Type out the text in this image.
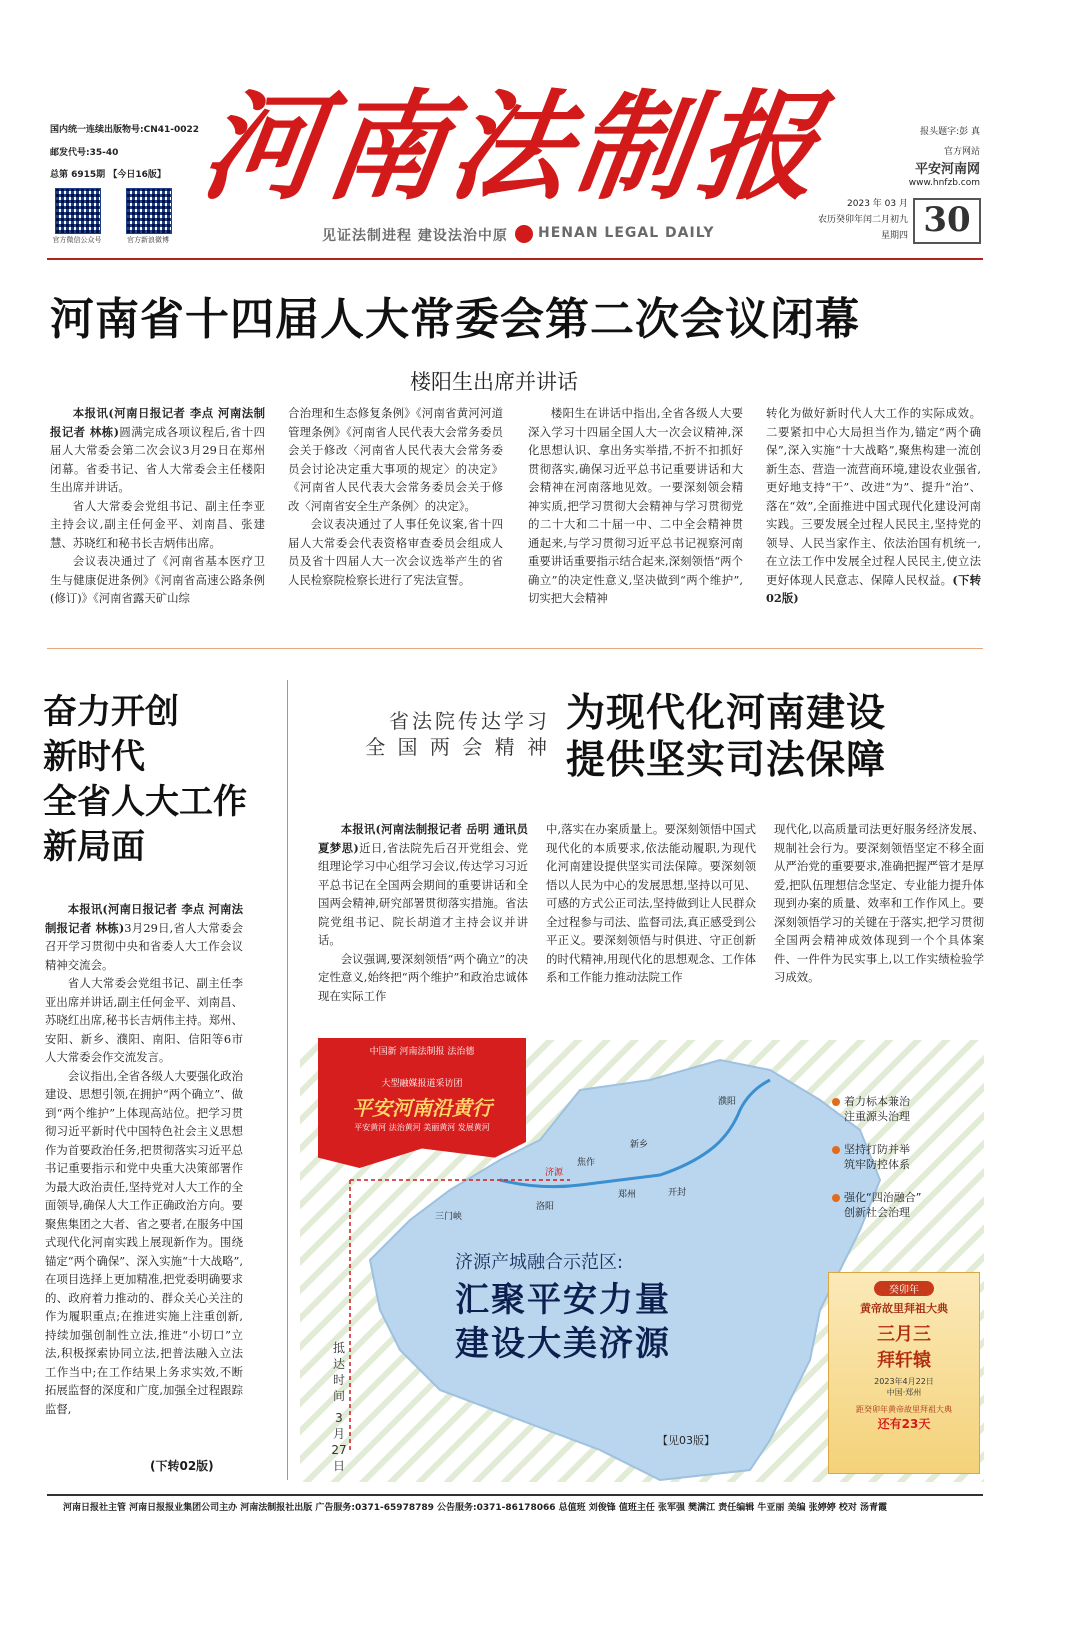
国内统一连续出版物号:CN41-0022
邮发代号:35-40
总第 6915期 【今日16版】
官方微信公众号	官方新浪微博
河南法制报
见证法制进程 建设法治中原 HENAN LEGAL DAILY
报头题字:彭 真
官方网站
平安河南网
www.hnfzb.com
2023 年 03 月
农历癸卯年闰二月初九
星期四 30
河南省十四届人大常委会第二次会议闭幕
楼阳生出席并讲话

本报讯(河南日报记者 李点 河南法制报记者 林栋)圆满完成各项议程后,省十四届人大常委会第二次会议3月29日在郑州闭幕。省委书记、省人大常委会主任楼阳生出席并讲话。

省人大常委会党组书记、副主任李亚主持会议,副主任何金平、刘南昌、张建慧、苏晓红和秘书长吉炳伟出席。

会议表决通过了《河南省基本医疗卫生与健康促进条例》《河南省高速公路条例(修订)》《河南省露天矿山综

合治理和生态修复条例》《河南省黄河河道管理条例》《河南省人民代表大会常务委员会关于修改〈河南省人民代表大会常务委员会讨论决定重大事项的规定〉的决定》《河南省人民代表大会常务委员会关于修改〈河南省安全生产条例〉的决定》。

会议表决通过了人事任免议案,省十四届人大常委会代表资格审查委员会组成人员及省十四届人大一次会议选举产生的省人民检察院检察长进行了宪法宣誓。

楼阳生在讲话中指出,全省各级人大要深入学习十四届全国人大一次会议精神,深化思想认识、拿出务实举措,不折不扣抓好贯彻落实,确保习近平总书记重要讲话和大会精神在河南落地见效。一要深刻领会精神实质,把学习贯彻大会精神与学习贯彻党的二十大和二十届一中、二中全会精神贯通起来,与学习贯彻习近平总书记视察河南重要讲话重要指示结合起来,深刻领悟“两个确立”的决定性意义,坚决做到“两个维护”,切实把大会精神

转化为做好新时代人大工作的实际成效。二要紧扣中心大局担当作为,锚定“两个确保”,深入实施“十大战略”,聚焦构建一流创新生态、营造一流营商环境,建设农业强省,更好地支持“干”、改进“为”、提升“治”、落在“效”,全面推进中国式现代化建设河南实践。三要发展全过程人民民主,坚持党的领导、人民当家作主、依法治国有机统一,在立法工作中发展全过程人民民主,使立法更好体现人民意志、保障人民权益。(下转02版)

奋力开创
新时代
全省人大工作
新局面

本报讯(河南日报记者 李点 河南法制报记者 林栋)3月29日,省人大常委会召开学习贯彻中央和省委人大工作会议精神交流会。

省人大常委会党组书记、副主任李亚出席并讲话,副主任何金平、刘南昌、苏晓红出席,秘书长吉炳伟主持。郑州、安阳、新乡、濮阳、南阳、信阳等6市人大常委会作交流发言。

会议指出,全省各级人大要强化政治建设、思想引领,在拥护“两个确立”、做到“两个维护”上体现高站位。把学习贯彻习近平新时代中国特色社会主义思想作为首要政治任务,把贯彻落实习近平总书记重要指示和党中央重大决策部署作为最大政治责任,坚持党对人大工作的全面领导,确保人大工作正确政治方向。要聚焦集团之大者、省之要者,在服务中国式现代化河南实践上展现新作为。围绕锚定“两个确保”、深入实施“十大战略”,在项目选择上更加精准,把党委明确要求的、政府着力推动的、群众关心关注的作为履职重点;在推进实施上注重创新,持续加强创制性立法,推进“小切口”立法,积极探索协同立法,把普法融入立法工作当中;在工作结果上务求实效,不断拓展监督的深度和广度,加强全过程跟踪监督,

(下转02版)
省法院传达学习
全 国 两 会 精 神
为现代化河南建设
提供坚实司法保障

本报讯(河南法制报记者 岳明 通讯员 夏梦思)近日,省法院先后召开党组会、党组理论学习中心组学习会议,传达学习习近平总书记在全国两会期间的重要讲话和全国两会精神,研究部署贯彻落实措施。省法院党组书记、院长胡道才主持会议并讲话。

会议强调,要深刻领悟“两个确立”的决定性意义,始终把“两个维护”和政治忠诚体现在实际工作

中,落实在办案质量上。要深刻领悟中国式现代化的本质要求,依法能动履职,为现代化河南建设提供坚实司法保障。要深刻领悟以人民为中心的发展思想,坚持以可见、可感的方式公正司法,坚持做到让人民群众全过程参与司法、监督司法,真正感受到公平正义。要深刻领悟与时俱进、守正创新的时代精神,用现代化的思想观念、工作体系和工作能力推动法院工作

现代化,以高质量司法更好服务经济发展、规制社会行为。要深刻领悟坚定不移全面从严治党的重要要求,准确把握严管才是厚爱,把队伍理想信念坚定、专业能力提升体现到办案的质量、效率和工作作风上。要深刻领悟学习的关键在于落实,把学习贯彻全国两会精神成效体现到一个个具体案件、一件件为民实事上,以工作实绩检验学习成效。

中国新 河南法制报 法治德
大型融媒报道采访团
平安河南沿黄行
平安黄河 法治黄河 美丽黄河 发展黄河
濮阳
新乡
焦作
济源
郑州	开封
洛阳
三门峡
抵达时间
3月27日
济源产城融合示范区:
汇聚平安力量
建设大美济源
【见03版】
着力标本兼治
注重源头治理
坚持打防并举
筑牢防控体系
强化“四治融合”
创新社会治理
癸卯年
黄帝故里拜祖大典
三月三
拜轩辕
2023年4月22日
中国·郑州
距癸卯年黄帝故里拜祖大典
还有23天
河南日报社主管 河南日报报业集团公司主办 河南法制报社出版 广告服务:0371-65978789 公告服务:0371-86178066 总值班 刘俊锋 值班主任 张军强 樊满江 责任编辑 牛亚丽 美编 张婷婷 校对 汤青霞
